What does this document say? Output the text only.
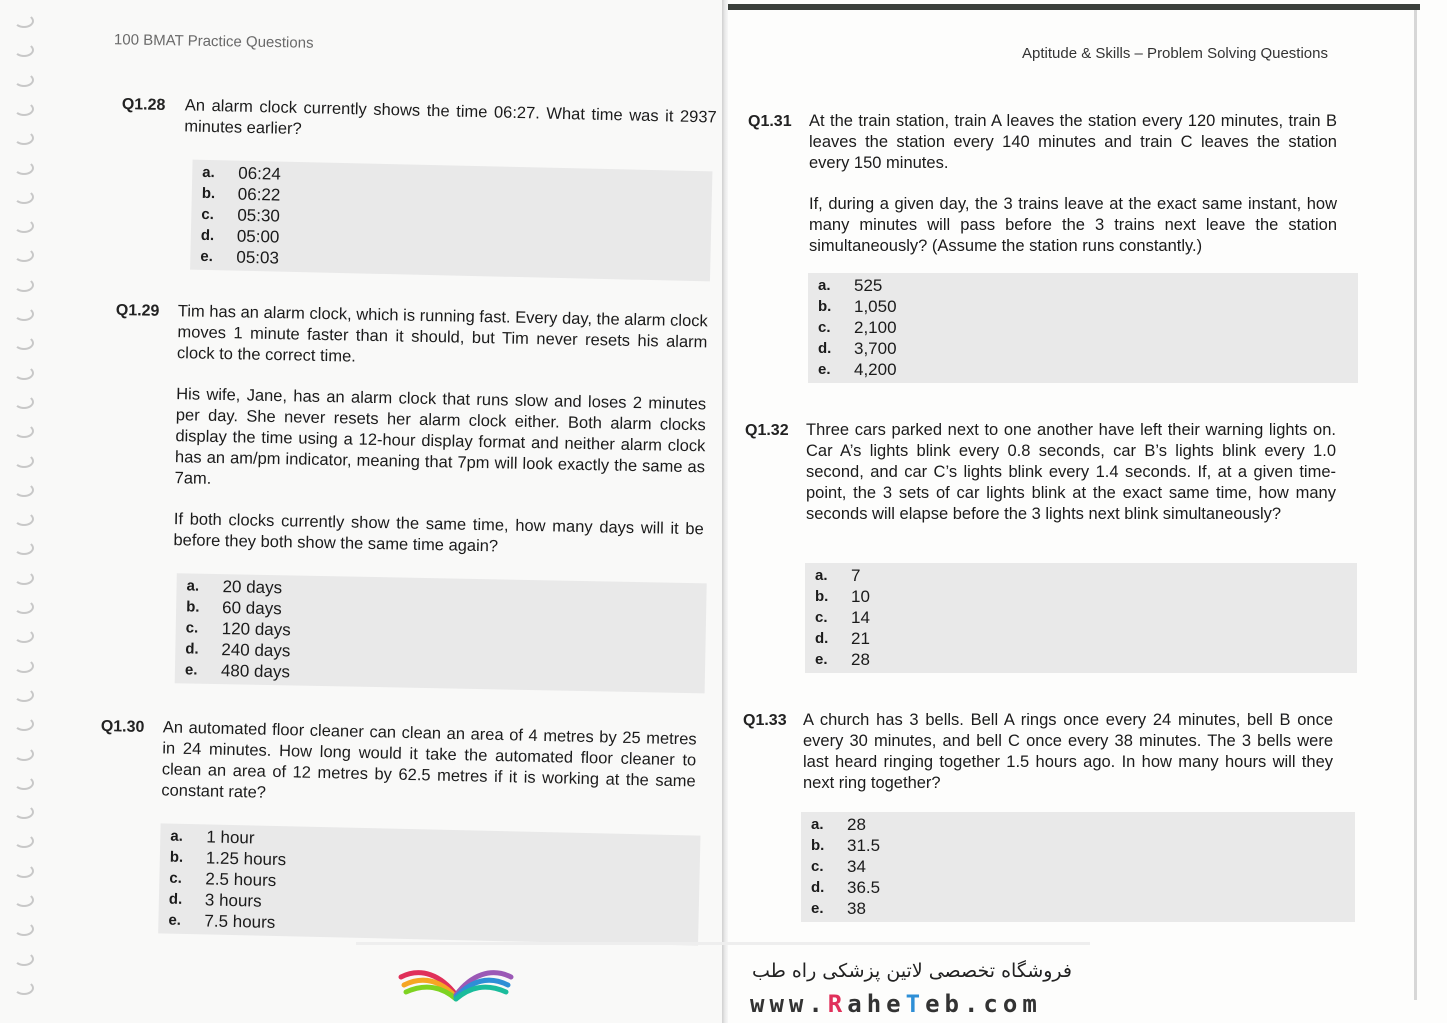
100 BMAT Practice Questions
Aptitude & Skills – Problem Solving Questions
Q1.28 An alarm clock currently shows the time 06:27. What time was it 2937 minutes earlier?

a.	06:24
b.	06:22
c.	05:30
d.	05:00
e.	05:03
Q1.29 Tim has an alarm clock, which is running fast. Every day, the alarm clock moves 1 minute faster than it should, but Tim never resets his alarm clock to the correct time.

His wife, Jane, has an alarm clock that runs slow and loses 2 minutes per day. She never resets her alarm clock either. Both alarm clocks display the time using a 12-hour display format and neither alarm clock has an am/pm indicator, meaning that 7pm will look exactly the same as 7am.

If both clocks currently show the same time, how many days will it be before they both show the same time again?

a.	20 days
b.	60 days
c.	120 days
d.	240 days
e.	480 days
Q1.30 An automated floor cleaner can clean an area of 4 metres by 25 metres in 24 minutes. How long would it take the automated floor cleaner to clean an area of 12 metres by 62.5 metres if it is working at the same constant rate?

a.	1 hour
b.	1.25 hours
c.	2.5 hours
d.	3 hours
e.	7.5 hours
Q1.31 At the train station, train A leaves the station every 120 minutes, train B leaves the station every 140 minutes and train C leaves the station every 150 minutes.

If, during a given day, the 3 trains leave at the exact same instant, how many minutes will pass before the 3 trains next leave the station simultaneously? (Assume the station runs constantly.)

a.	525
b.	1,050
c.	2,100
d.	3,700
e.	4,200
Q1.32 Three cars parked next to one another have left their warning lights on. Car A’s lights blink every 0.8 seconds, car B’s lights blink every 1.0 second, and car C’s lights blink every 1.4 seconds. If, at a given time-point, the 3 sets of car lights blink at the exact same time, how many seconds will elapse before the 3 lights next blink simultaneously?

a.	7
b.	10
c.	14
d.	21
e.	28
Q1.33 A church has 3 bells. Bell A rings once every 24 minutes, bell B once every 30 minutes, and bell C once every 38 minutes. The 3 bells were last heard ringing together 1.5 hours ago. In how many hours will they next ring together?

a.	28
b.	31.5
c.	34
d.	36.5
e.	38
فروشگاه تخصصی لاتین پزشکی راه طب
www.RaheTeb.com
